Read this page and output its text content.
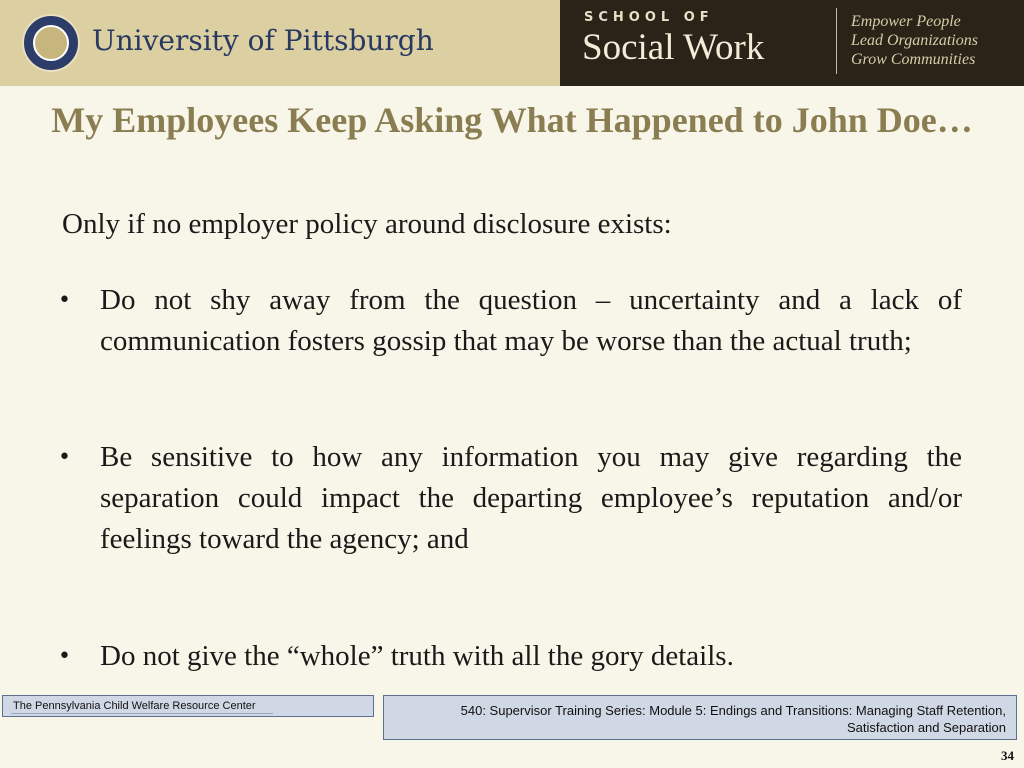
University of Pittsburgh
SCHOOL OF
Social Work
Empower People
Lead Organizations
Grow Communities
My Employees Keep Asking What Happened to John Doe…
Only if no employer policy around disclosure exists:
• Do not shy away from the question – uncertainty and a lack of communication fosters gossip that may be worse than the actual truth;
• Be sensitive to how any information you may give regarding the separation could impact the departing employee’s reputation and/or feelings toward the agency; and
• Do not give the “whole” truth with all the gory details.
The Pennsylvania Child Welfare Resource Center	540: Supervisor Training Series: Module 5: Endings and Transitions: Managing Staff Retention, Satisfaction and Separation
34
